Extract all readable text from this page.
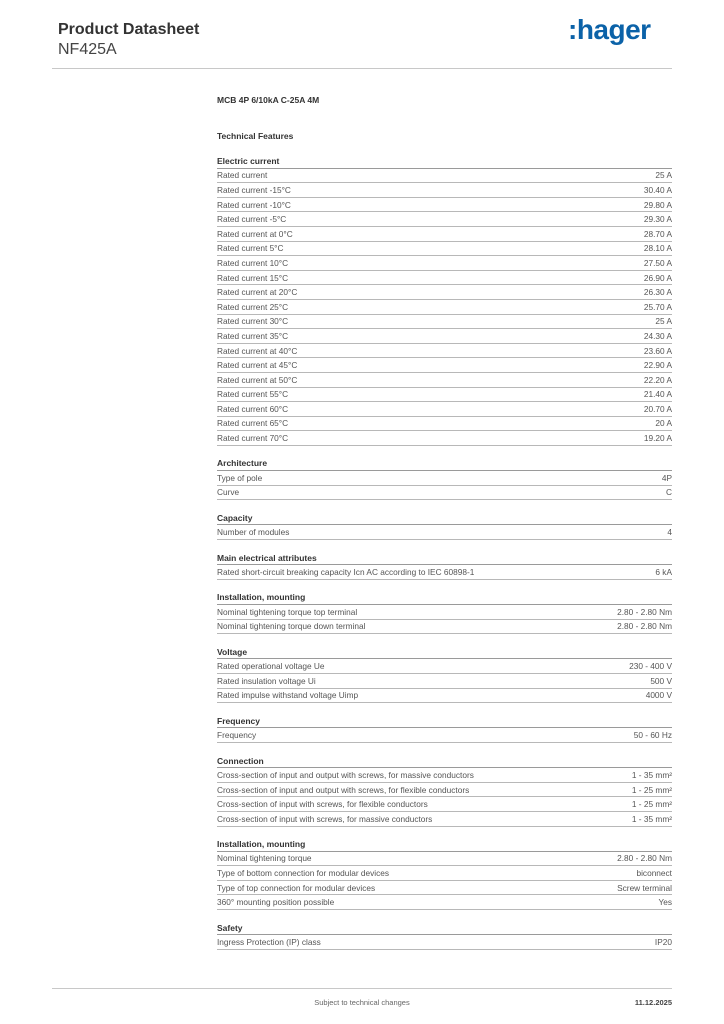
Product Datasheet
NF425A
:hager
MCB 4P 6/10kA C-25A 4M
Technical Features
Electric current
Rated current	25 A
Rated current -15°C	30.40 A
Rated current -10°C	29.80 A
Rated current -5°C	29.30 A
Rated current at 0°C	28.70 A
Rated current 5°C	28.10 A
Rated current 10°C	27.50 A
Rated current 15°C	26.90 A
Rated current at 20°C	26.30 A
Rated current 25°C	25.70 A
Rated current 30°C	25 A
Rated current 35°C	24.30 A
Rated current at 40°C	23.60 A
Rated current at 45°C	22.90 A
Rated current at 50°C	22.20 A
Rated current 55°C	21.40 A
Rated current 60°C	20.70 A
Rated current 65°C	20 A
Rated current 70°C	19.20 A
Architecture
Type of pole	4P
Curve	C
Capacity
Number of modules	4
Main electrical attributes
Rated short-circuit breaking capacity Icn AC according to IEC 60898-1	6 kA
Installation, mounting
Nominal tightening torque top terminal	2.80 - 2.80 Nm
Nominal tightening torque down terminal	2.80 - 2.80 Nm
Voltage
Rated operational voltage Ue	230 - 400 V
Rated insulation voltage Ui	500 V
Rated impulse withstand voltage Uimp	4000 V
Frequency
Frequency	50 - 60 Hz
Connection
Cross-section of input and output with screws, for massive conductors	1 - 35 mm²
Cross-section of input and output with screws, for flexible conductors	1 - 25 mm²
Cross-section of input with screws, for flexible conductors	1 - 25 mm²
Cross-section of input with screws, for massive conductors	1 - 35 mm²
Installation, mounting
Nominal tightening torque	2.80 - 2.80 Nm
Type of bottom connection for modular devices	biconnect
Type of top connection for modular devices	Screw terminal
360° mounting position possible	Yes
Safety
Ingress Protection (IP) class	IP20
Subject to technical changes	11.12.2025
